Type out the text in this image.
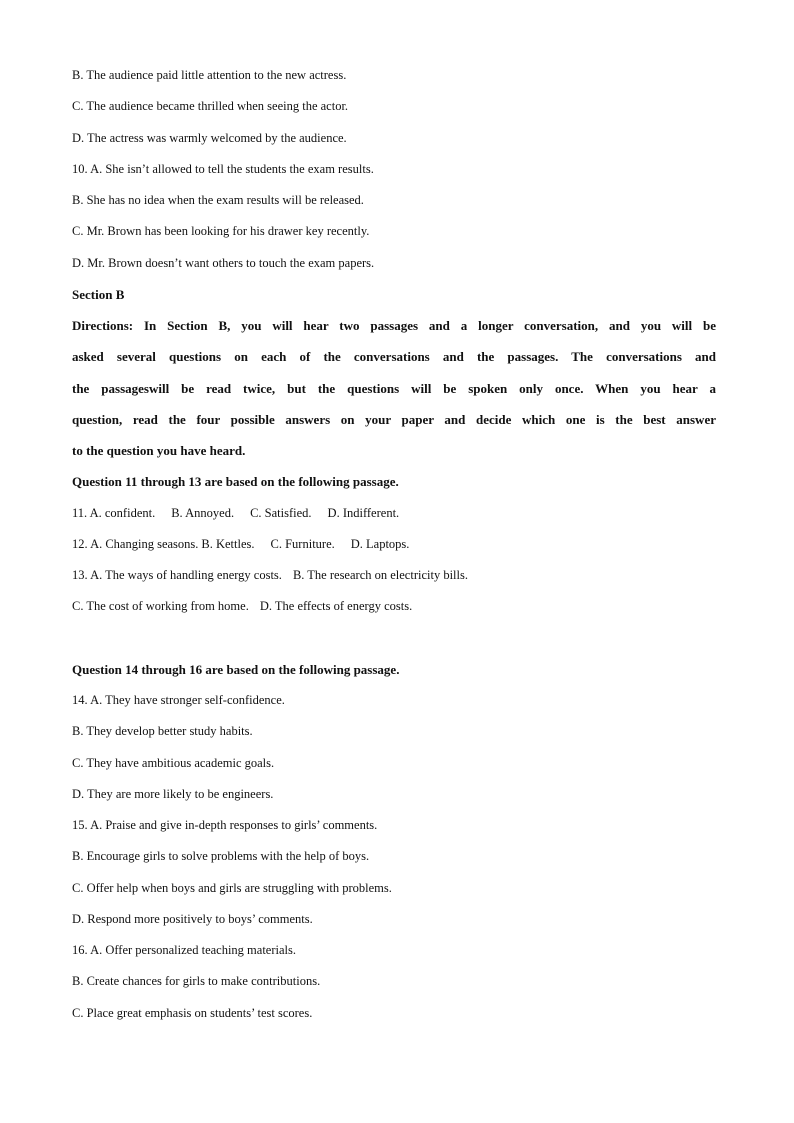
B. The audience paid little attention to the new actress.
C. The audience became thrilled when seeing the actor.
D. The actress was warmly welcomed by the audience.
10. A. She isn’t allowed to tell the students the exam results.
B. She has no idea when the exam results will be released.
C. Mr. Brown has been looking for his drawer key recently.
D. Mr. Brown doesn’t want others to touch the exam papers.
Section B
Directions: In Section B, you will hear two passages and a longer conversation, and you will be
asked several questions on each of the conversations and the passages. The conversations and
the passageswill be read twice, but the questions will be spoken only once. When you hear a
question, read the four possible answers on your paper and decide which one is the best answer
to the question you have heard.
Question 11 through 13 are based on the following passage.
11. A. confident. B. Annoyed. C. Satisfied. D. Indifferent.
12. A. Changing seasons. B. Kettles. C. Furniture. D. Laptops.
13. A. The ways of handling energy costs. B. The research on electricity bills.
C. The cost of working from home. D. The effects of energy costs.
Question 14 through 16 are based on the following passage.
14. A. They have stronger self-confidence.
B. They develop better study habits.
C. They have ambitious academic goals.
D. They are more likely to be engineers.
15. A. Praise and give in-depth responses to girls’ comments.
B. Encourage girls to solve problems with the help of boys.
C. Offer help when boys and girls are struggling with problems.
D. Respond more positively to boys’ comments.
16. A. Offer personalized teaching materials.
B. Create chances for girls to make contributions.
C. Place great emphasis on students’ test scores.
